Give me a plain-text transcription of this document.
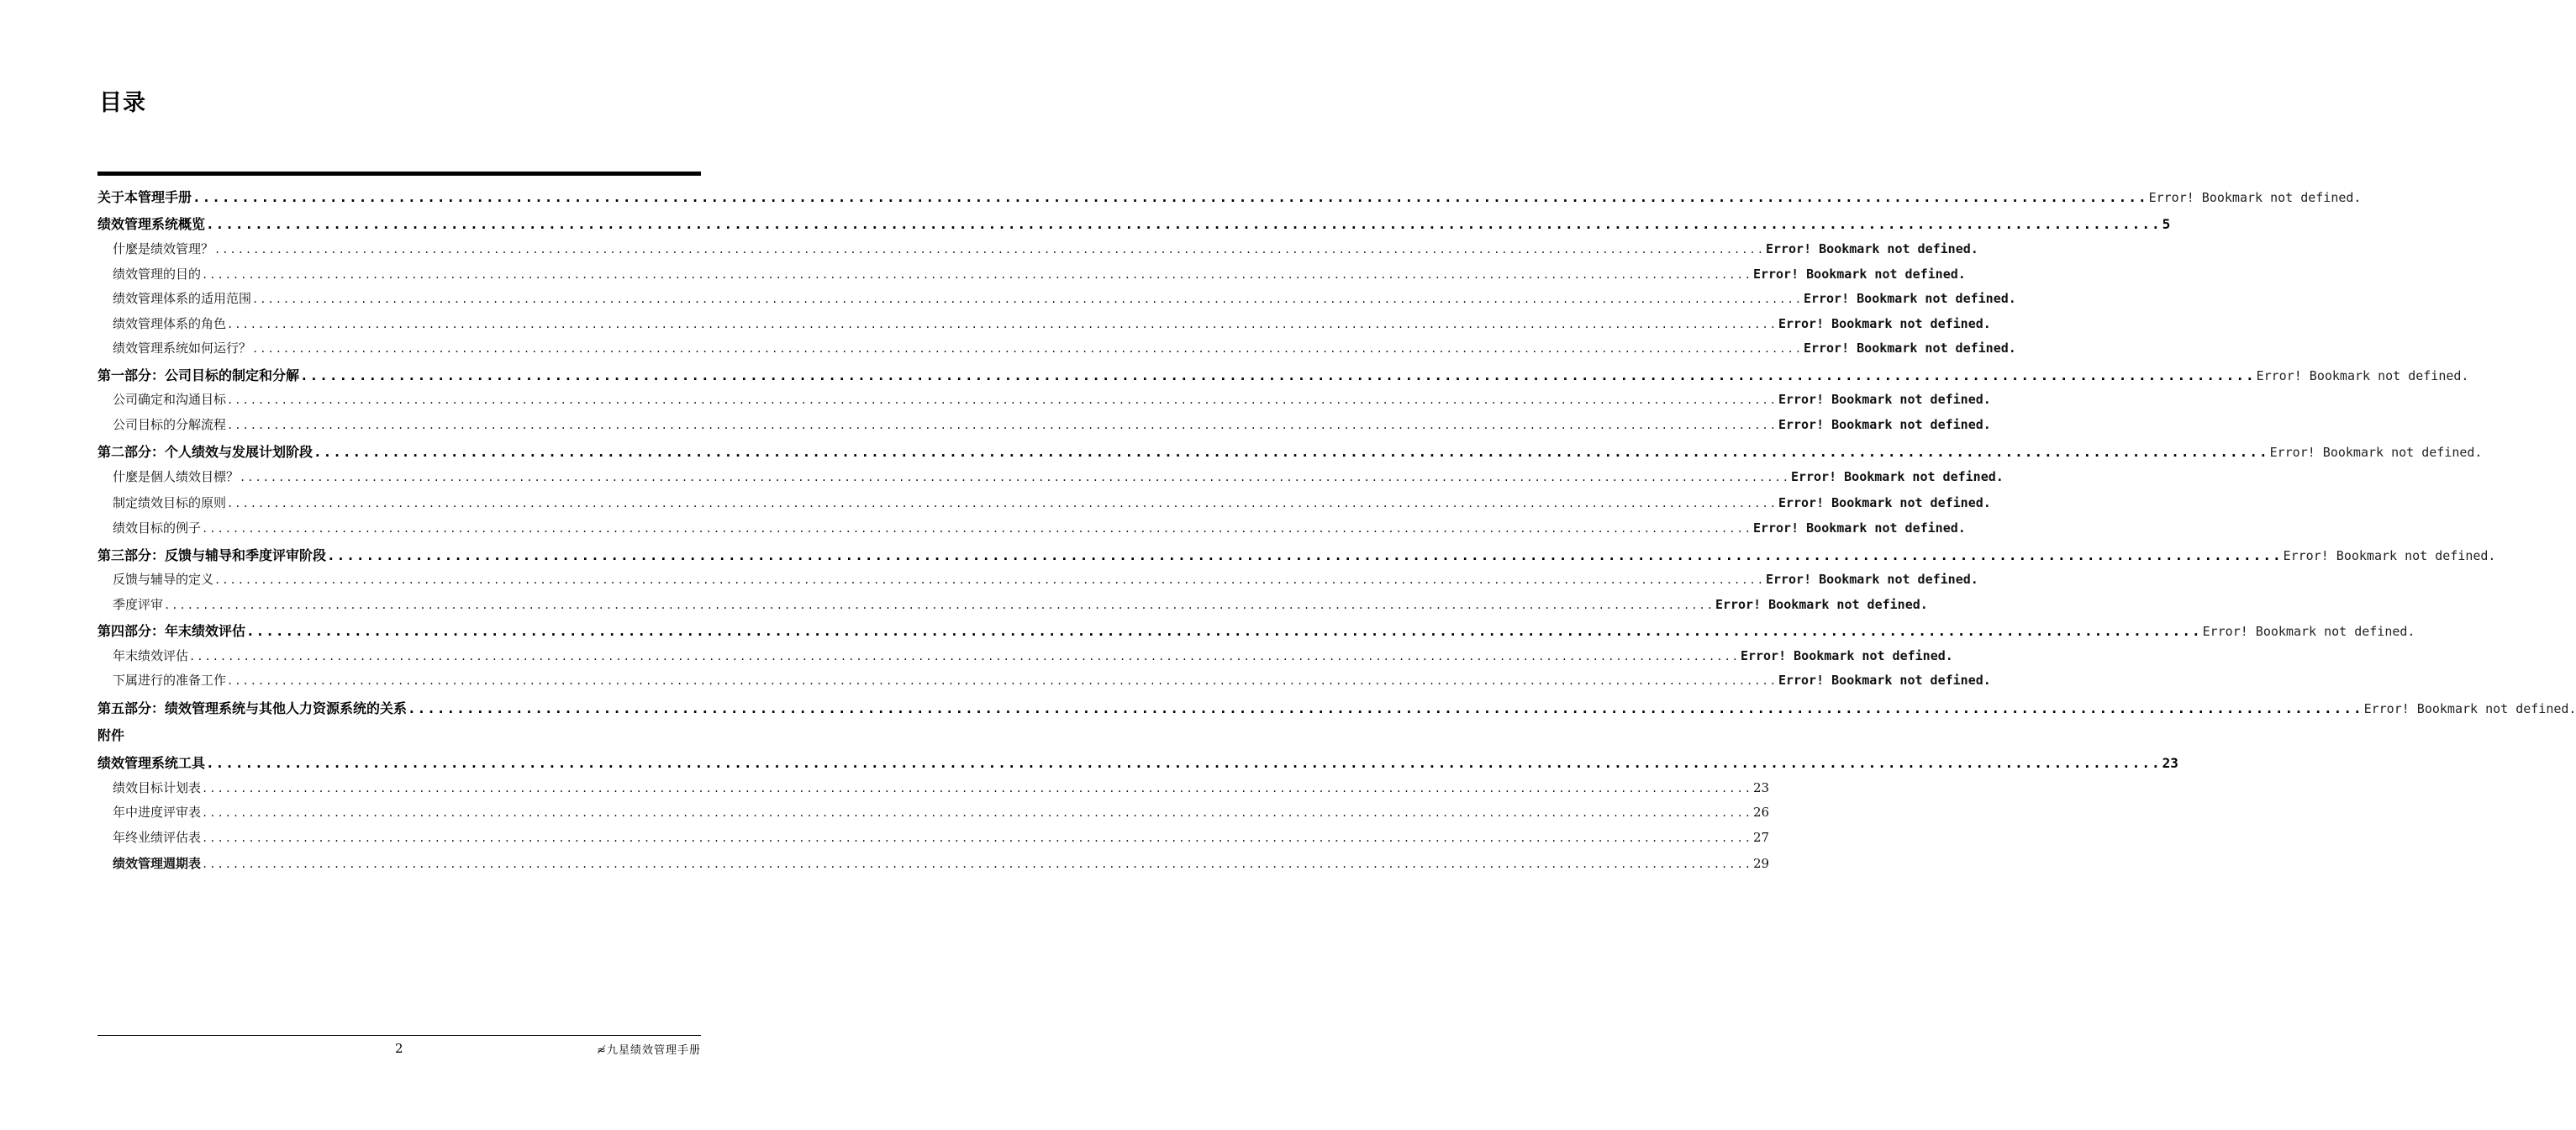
目录
关于本管理手册 ........................................................................................................................................................................................................ Error! Bookmark not defined.
绩效管理系统概览 ........................................................................................................................................................................................................ 5
什麼是绩效管理？ ........................................................................................................................................................................................................ Error! Bookmark not defined.
绩效管理的目的 ........................................................................................................................................................................................................ Error! Bookmark not defined.
绩效管理体系的适用范围 ........................................................................................................................................................................................................ Error! Bookmark not defined.
绩效管理体系的角色 ........................................................................................................................................................................................................ Error! Bookmark not defined.
绩效管理系统如何运行？ ........................................................................................................................................................................................................ Error! Bookmark not defined.
第一部分：公司目标的制定和分解 ........................................................................................................................................................................................................ Error! Bookmark not defined.
公司确定和沟通目标 ........................................................................................................................................................................................................ Error! Bookmark not defined.
公司目标的分解流程 ........................................................................................................................................................................................................ Error! Bookmark not defined.
第二部分：个人绩效与发展计划阶段 ........................................................................................................................................................................................................ Error! Bookmark not defined.
什麼是個人绩效目標？ ........................................................................................................................................................................................................ Error! Bookmark not defined.
制定绩效目标的原则 ........................................................................................................................................................................................................ Error! Bookmark not defined.
绩效目标的例子 ........................................................................................................................................................................................................ Error! Bookmark not defined.
第三部分：反馈与辅导和季度评审阶段 ........................................................................................................................................................................................................ Error! Bookmark not defined.
反馈与辅导的定义 ........................................................................................................................................................................................................ Error! Bookmark not defined.
季度评审 ........................................................................................................................................................................................................ Error! Bookmark not defined.
第四部分：年末绩效评估 ........................................................................................................................................................................................................ Error! Bookmark not defined.
年末绩效评估 ........................................................................................................................................................................................................ Error! Bookmark not defined.
下属进行的准备工作 ........................................................................................................................................................................................................ Error! Bookmark not defined.
第五部分：绩效管理系统与其他人力资源系统的关系 ........................................................................................................................................................................................................ Error! Bookmark not defined.
附件
绩效管理系统工具 ........................................................................................................................................................................................................ 23
绩效目标计划表 ........................................................................................................................................................................................................ 23
年中进度评审表 ........................................................................................................................................................................................................ 26
年终业绩评估表 ........................................................................................................................................................................................................ 27
绩效管理週期表 ........................................................................................................................................................................................................ 29
2	≉九星绩效管理手册
